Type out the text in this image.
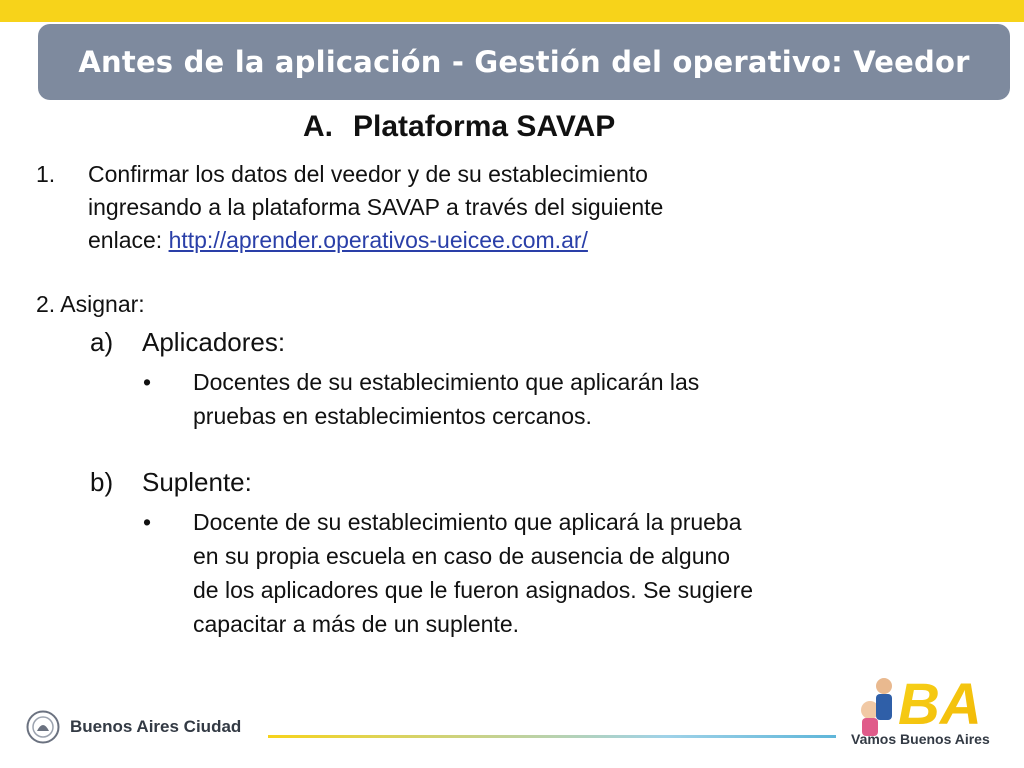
Antes de la aplicación - Gestión del operativo: Veedor
A. Plataforma SAVAP
1. Confirmar los datos del veedor y de su establecimiento
ingresando a la plataforma SAVAP a través del siguiente
enlace: http://aprender.operativos-ueicee.com.ar/
2. Asignar:
a) Aplicadores:
• Docentes de su establecimiento que aplicarán las
pruebas en establecimientos cercanos.
b) Suplente:
• Docente de su establecimiento que aplicará la prueba
en su propia escuela en caso de ausencia de alguno
de los aplicadores que le fueron asignados. Se sugiere
capacitar a más de un suplente.
Buenos Aires Ciudad	BA
Vamos Buenos Aires
